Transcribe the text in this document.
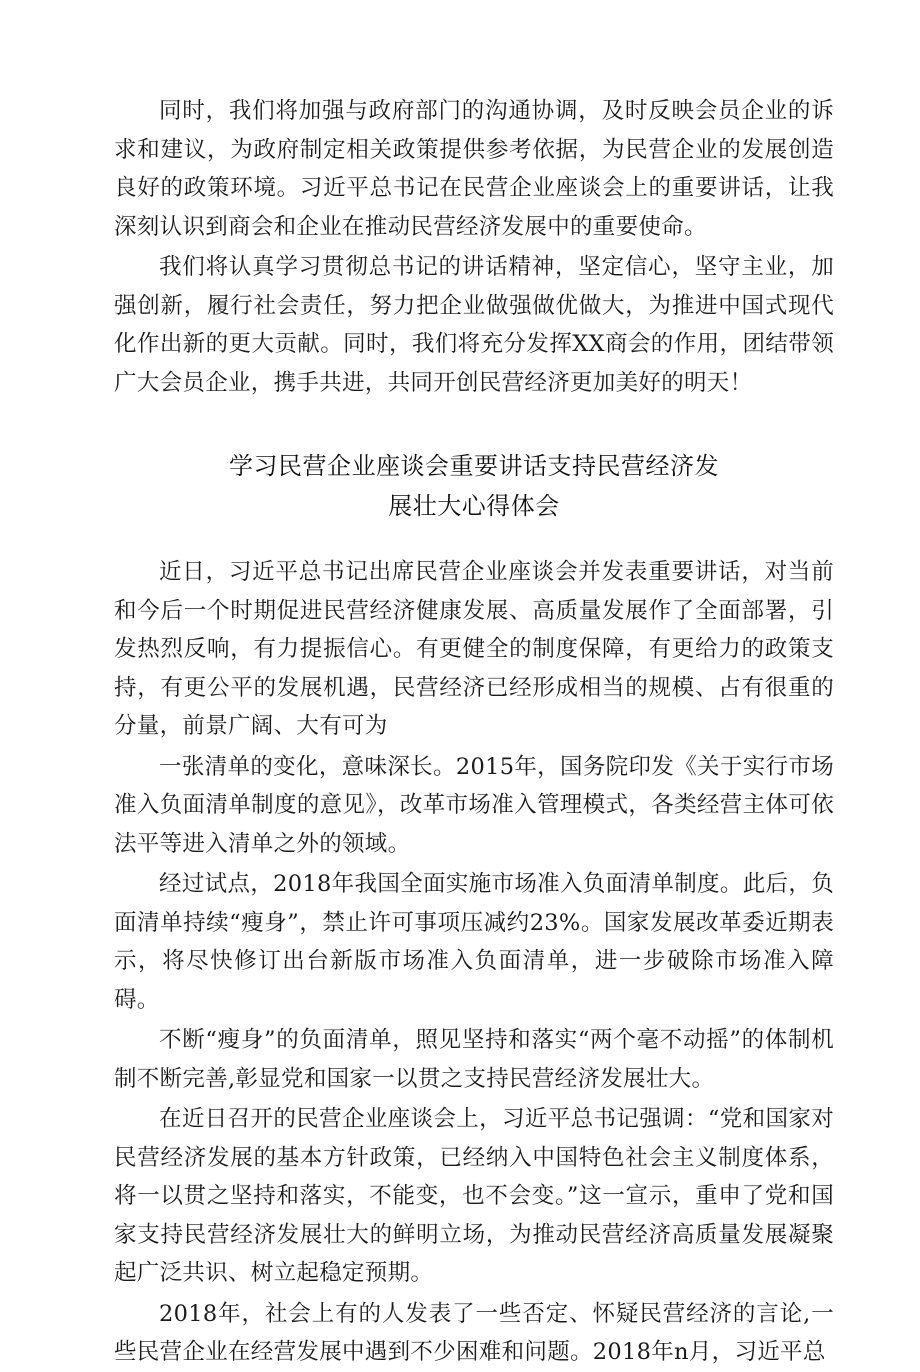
同时，我们将加强与政府部门的沟通协调，及时反映会员企业的诉求和建议，为政府制定相关政策提供参考依据，为民营企业的发展创造良好的政策环境。习近平总书记在民营企业座谈会上的重要讲话，让我深刻认识到商会和企业在推动民营经济发展中的重要使命。

我们将认真学习贯彻总书记的讲话精神，坚定信心，坚守主业，加强创新，履行社会责任，努力把企业做强做优做大，为推进中国式现代化作出新的更大贡献。同时，我们将充分发挥XX商会的作用，团结带领广大会员企业，携手共进，共同开创民营经济更加美好的明天！

学习民营企业座谈会重要讲话支持民营经济发
展壮大心得体会

近日，习近平总书记出席民营企业座谈会并发表重要讲话，对当前和今后一个时期促进民营经济健康发展、高质量发展作了全面部署，引发热烈反响，有力提振信心。有更健全的制度保障，有更给力的政策支持，有更公平的发展机遇，民营经济已经形成相当的规模、占有很重的分量，前景广阔、大有可为

一张清单的变化，意味深长。2015年，国务院印发《关于实行市场准入负面清单制度的意见》，改革市场准入管理模式，各类经营主体可依法平等进入清单之外的领域。

经过试点，2018年我国全面实施市场准入负面清单制度。此后，负面清单持续“瘦身”，禁止许可事项压减约23%。国家发展改革委近期表示，将尽快修订出台新版市场准入负面清单，进一步破除市场准入障碍。

不断“瘦身”的负面清单，照见坚持和落实“两个毫不动摇”的体制机制不断完善,彰显党和国家一以贯之支持民营经济发展壮大。

在近日召开的民营企业座谈会上，习近平总书记强调：“党和国家对民营经济发展的基本方针政策，已经纳入中国特色社会主义制度体系，将一以贯之坚持和落实，不能变，也不会变。”这一宣示，重申了党和国家支持民营经济发展壮大的鲜明立场，为推动民营经济高质量发展凝聚起广泛共识、树立起稳定预期。

2018年，社会上有的人发表了一些否定、怀疑民营经济的言论,一些民营企业在经营发展中遇到不少困难和问题。2018年n月，习近平总
